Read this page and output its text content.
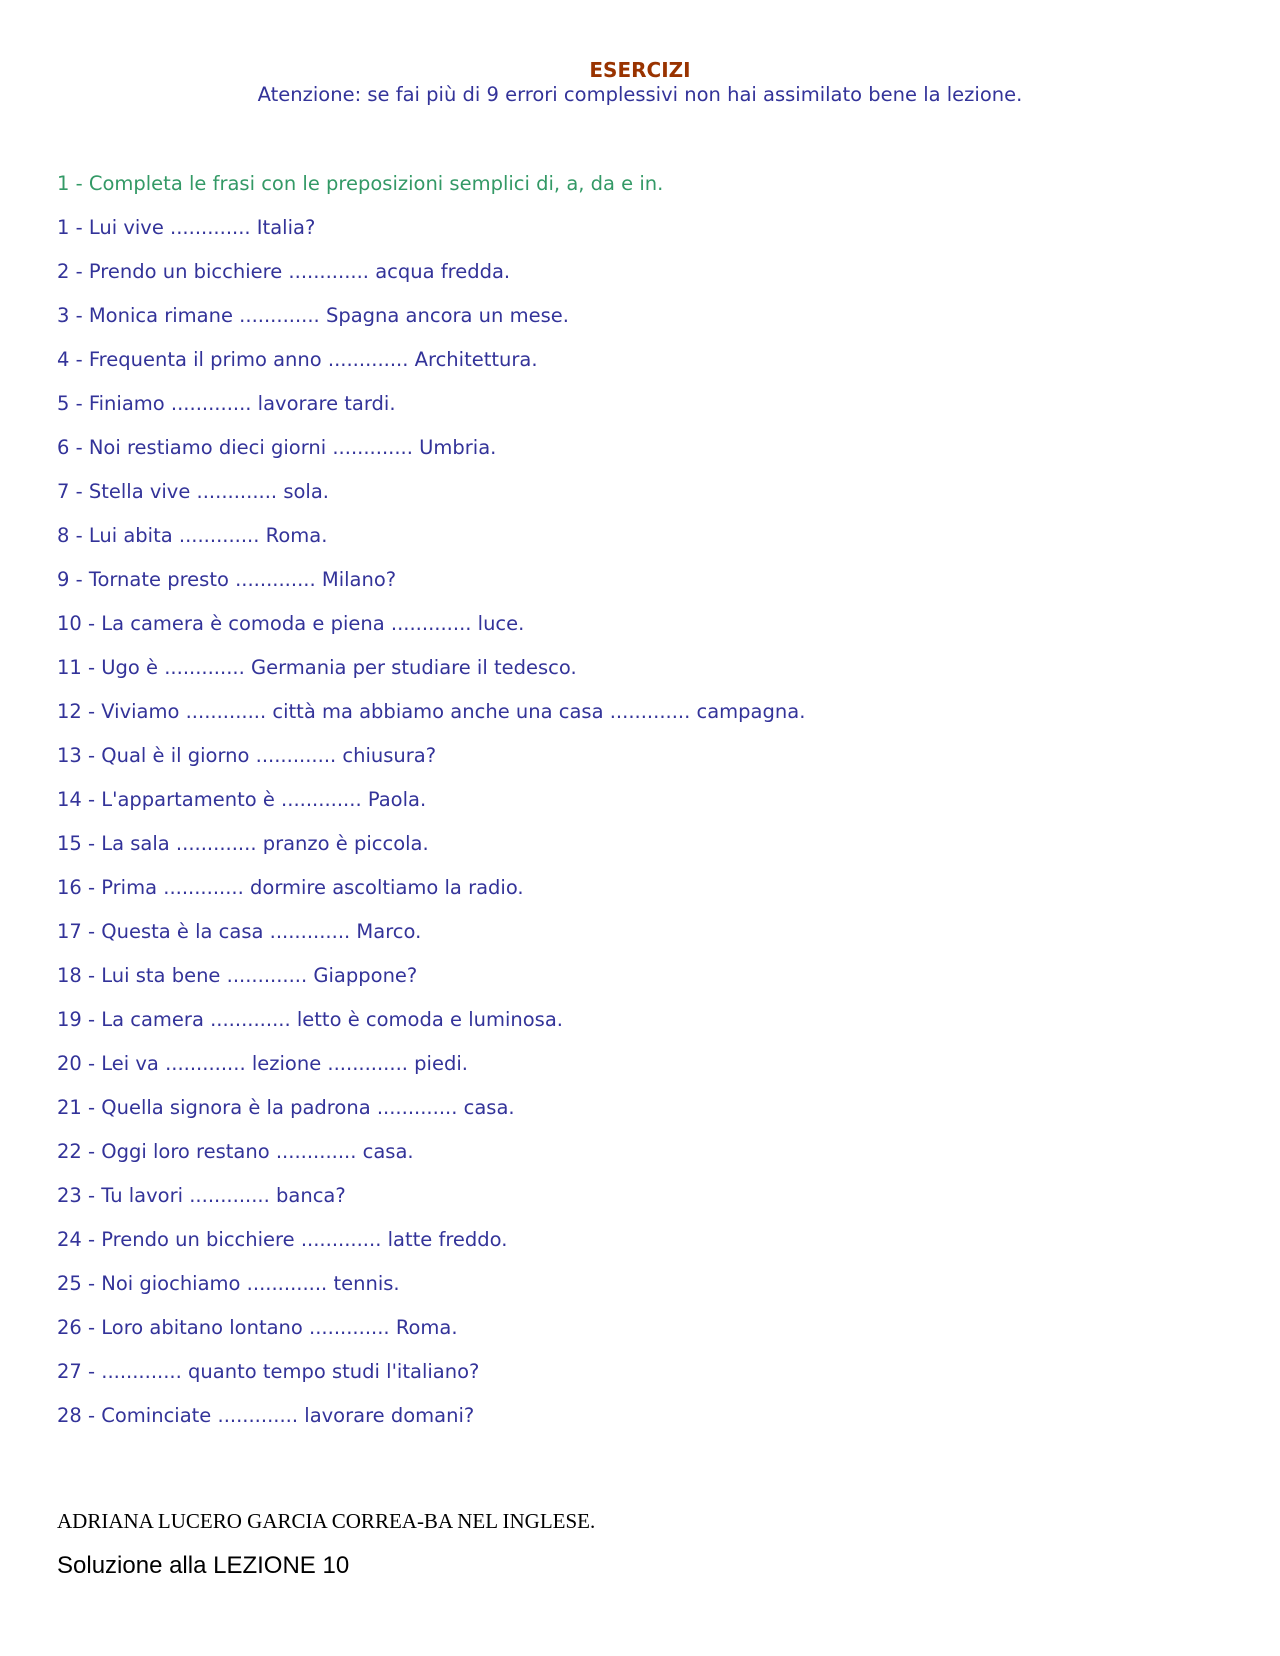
ESERCIZI

Atenzione: se fai più di 9 errori complessivi non hai assimilato bene la lezione.

1 - Completa le frasi con le preposizioni semplici di, a, da e in.

1 - Lui vive ............. Italia?
2 - Prendo un bicchiere ............. acqua fredda.
3 - Monica rimane ............. Spagna ancora un mese.
4 - Frequenta il primo anno ............. Architettura.
5 - Finiamo ............. lavorare tardi.
6 - Noi restiamo dieci giorni ............. Umbria.
7 - Stella vive ............. sola.
8 - Lui abita ............. Roma.
9 - Tornate presto ............. Milano?
10 - La camera è comoda e piena ............. luce.
11 - Ugo è ............. Germania per studiare il tedesco.
12 - Viviamo ............. città ma abbiamo anche una casa ............. campagna.
13 - Qual è il giorno ............. chiusura?
14 - L'appartamento è ............. Paola.
15 - La sala ............. pranzo è piccola.
16 - Prima ............. dormire ascoltiamo la radio.
17 - Questa è la casa ............. Marco.
18 - Lui sta bene ............. Giappone?
19 - La camera ............. letto è comoda e luminosa.
20 - Lei va ............. lezione ............. piedi.
21 - Quella signora è la padrona ............. casa.
22 - Oggi loro restano ............. casa.
23 - Tu lavori ............. banca?
24 - Prendo un bicchiere ............. latte freddo.
25 - Noi giochiamo ............. tennis.
26 - Loro abitano lontano ............. Roma.
27 - ............. quanto tempo studi l'italiano?
28 - Cominciate ............. lavorare domani?

ADRIANA LUCERO GARCIA CORREA-BA NEL INGLESE.

Soluzione alla LEZIONE 10
